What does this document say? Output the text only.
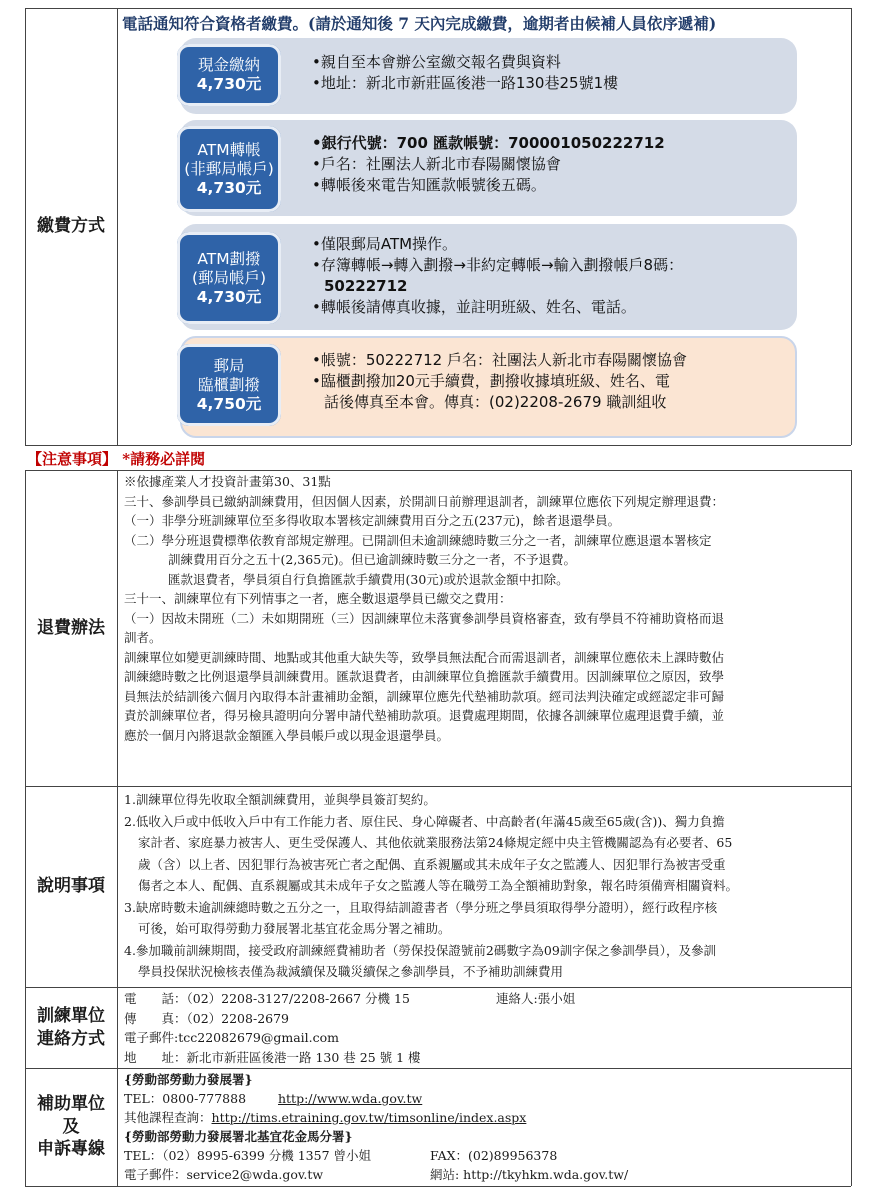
繳費方式
電話通知符合資格者繳費。(請於通知後 7 天內完成繳費，逾期者由候補人員依序遞補)
現金繳納
4,730元
•親自至本會辦公室繳交報名費與資料
•地址：新北市新莊區後港一路130巷25號1樓
ATM轉帳
(非郵局帳戶)
4,730元
•銀行代號：700 匯款帳號：700001050222712
•戶名：社團法人新北市春陽關懷協會
•轉帳後來電告知匯款帳號後五碼。
ATM劃撥
(郵局帳戶)
4,730元
•僅限郵局ATM操作。
•存簿轉帳→轉入劃撥→非約定轉帳→輸入劃撥帳戶8碼：
50222712
•轉帳後請傳真收據，並註明班級、姓名、電話。
郵局
臨櫃劃撥
4,750元
•帳號：50222712 戶名：社團法人新北市春陽關懷協會
•臨櫃劃撥加20元手續費，劃撥收據填班級、姓名、電
話後傳真至本會。傳真：(02)2208-2679 職訓組收
【注意事項】 *請務必詳閱
退費辦法
※依據產業人才投資計畫第30、31點
三十、參訓學員已繳納訓練費用，但因個人因素，於開訓日前辦理退訓者，訓練單位應依下列規定辦理退費：
（一）非學分班訓練單位至多得收取本署核定訓練費用百分之五(237元)，餘者退還學員。
（二）學分班退費標準依教育部規定辦理。已開訓但未逾訓練總時數三分之一者，訓練單位應退還本署核定
訓練費用百分之五十(2,365元)。但已逾訓練時數三分之一者，不予退費。
匯款退費者，學員須自行負擔匯款手續費用(30元)或於退款金額中扣除。
三十一、訓練單位有下列情事之一者，應全數退還學員已繳交之費用：
（一）因故未開班（二）未如期開班（三）因訓練單位未落實參訓學員資格審查，致有學員不符補助資格而退
訓者。
訓練單位如變更訓練時間、地點或其他重大缺失等，致學員無法配合而需退訓者，訓練單位應依未上課時數佔
訓練總時數之比例退還學員訓練費用。匯款退費者，由訓練單位負擔匯款手續費用。因訓練單位之原因，致學
員無法於結訓後六個月內取得本計畫補助金額，訓練單位應先代墊補助款項。經司法判決確定或經認定非可歸
責於訓練單位者，得另檢具證明向分署申請代墊補助款項。退費處理期間，依據各訓練單位處理退費手續，並
應於一個月內將退款金額匯入學員帳戶或以現金退還學員。
說明事項
1.訓練單位得先收取全額訓練費用，並與學員簽訂契約。
2.低收入戶或中低收入戶中有工作能力者、原住民、身心障礙者、中高齡者(年滿45歲至65歲(含))、獨力負擔
家計者、家庭暴力被害人、更生受保護人、其他依就業服務法第24條規定經中央主管機關認為有必要者、65
歲（含）以上者、因犯罪行為被害死亡者之配偶、直系親屬或其未成年子女之監護人、因犯罪行為被害受重
傷者之本人、配偶、直系親屬或其未成年子女之監護人等在職勞工為全額補助對象，報名時須備齊相關資料。
3.缺席時數未逾訓練總時數之五分之一，且取得結訓證書者（學分班之學員須取得學分證明），經行政程序核
可後，始可取得勞動力發展署北基宜花金馬分署之補助。
4.參加職前訓練期間，接受政府訓練經費補助者（勞保投保證號前2碼數字為09訓字保之參訓學員），及參訓
學員投保狀況檢核表僅為裁減續保及職災續保之參訓學員，不予補助訓練費用
訓練單位
連絡方式
電　　話：（02）2208-3127/2208-2667 分機 15
傳　　真：（02）2208-2679
電子郵件:tcc22082679@gmail.com
地　　址：新北市新莊區後港一路 130 巷 25 號 1 樓
連絡人:張小姐
補助單位
及
申訴專線
{勞動部勞動力發展署}
TEL：0800-777888	http://www.wda.gov.tw
其他課程查詢：http://tims.etraining.gov.tw/timsonline/index.aspx
{勞動部勞動力發展署北基宜花金馬分署}
TEL：（02）8995-6399 分機 1357 曾小姐
電子郵件：service2@wda.gov.tw
FAX：(02)89956378
網站: http://tkyhkm.wda.gov.tw/
